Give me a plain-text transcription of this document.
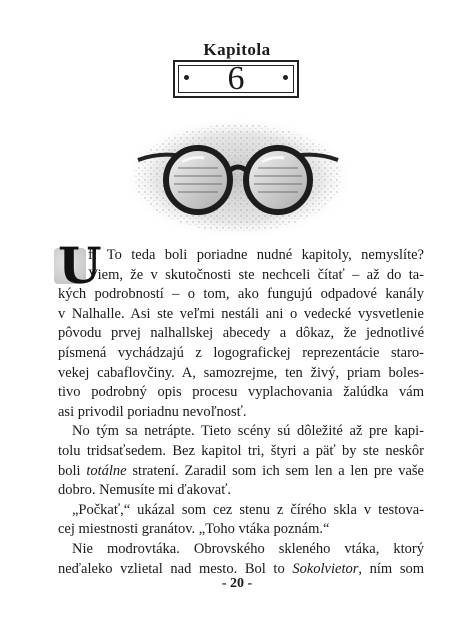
Kapitola
6
U
f! To teda boli poriadne nudné kapitoly, nemyslíte?
Viem, že v skutočnosti ste nechceli čítať – až do ta-
kých podrobností – o tom, ako fungujú odpadové kanály
v Nalhalle. Asi ste veľmi nestáli ani o vedecké vysvetlenie
pôvodu prvej nalhallskej abecedy a dôkaz, že jednotlivé
písmená vychádzajú z logografickej reprezentácie staro-
vekej cabaflovčiny. A, samozrejme, ten živý, priam boles-
tivo podrobný opis procesu vyplachovania žalúdka vám
asi privodil poriadnu nevoľnosť.
No tým sa netrápte. Tieto scény sú dôležité až pre kapi-
tolu tridsaťsedem. Bez kapitol tri, štyri a päť by ste neskôr
boli totálne stratení. Zaradil som ich sem len a len pre vaše
dobro. Nemusíte mi ďakovať.
„Počkať,“ ukázal som cez stenu z čírého skla v testova-
cej miestnosti granátov. „Toho vtáka poznám.“
Nie modrovtáka. Obrovského skleného vtáka, ktorý
neďaleko vzlietal nad mesto. Bol to Sokolvietor, ním som
- 20 -
